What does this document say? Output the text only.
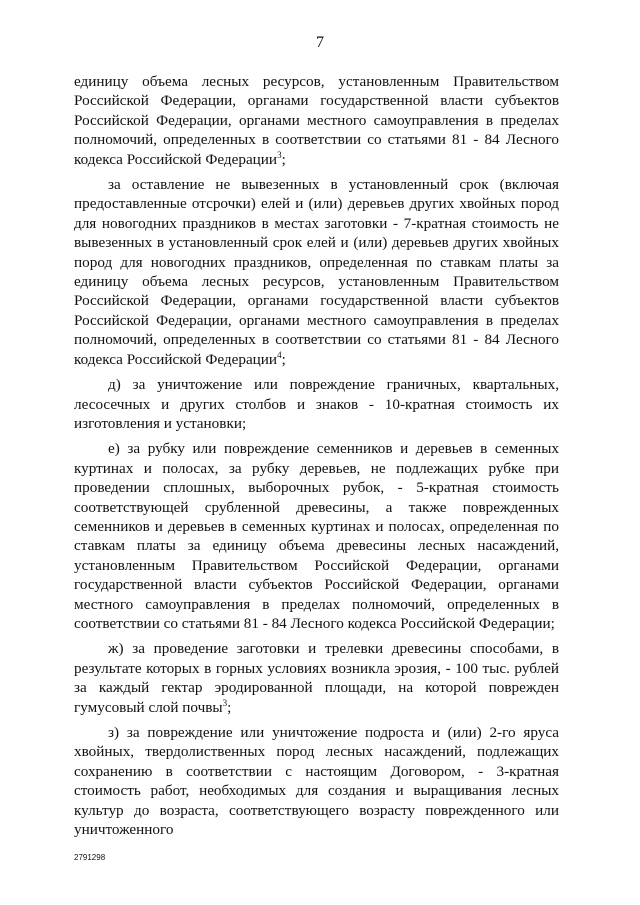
7

единицу объема лесных ресурсов, установленным Правительством Российской Федерации, органами государственной власти субъектов Российской Федерации, органами местного самоуправления в пределах полномочий, определенных в соответствии со статьями 81 - 84 Лесного кодекса Российской Федерации$^3$;

за оставление не вывезенных в установленный срок (включая предоставленные отсрочки) елей и (или) деревьев других хвойных пород для новогодних праздников в местах заготовки - 7-кратная стоимость не вывезенных в установленный срок елей и (или) деревьев других хвойных пород для новогодних праздников, определенная по ставкам платы за единицу объема лесных ресурсов, установленным Правительством Российской Федерации, органами государственной власти субъектов Российской Федерации, органами местного самоуправления в пределах полномочий, определенных в соответствии со статьями 81 - 84 Лесного кодекса Российской Федерации$^4$;

д) за уничтожение или повреждение граничных, квартальных, лесосечных и других столбов и знаков - 10-кратная стоимость их изготовления и установки;

е) за рубку или повреждение семенников и деревьев в семенных куртинах и полосах, за рубку деревьев, не подлежащих рубке при проведении сплошных, выборочных рубок, - 5-кратная стоимость соответствующей срубленной древесины, а также поврежденных семенников и деревьев в семенных куртинах и полосах, определенная по ставкам платы за единицу объема древесины лесных насаждений, установленным Правительством Российской Федерации, органами государственной власти субъектов Российской Федерации, органами местного самоуправления в пределах полномочий, определенных в соответствии со статьями 81 - 84 Лесного кодекса Российской Федерации;

ж) за проведение заготовки и трелевки древесины способами, в результате которых в горных условиях возникла эрозия, - 100 тыс. рублей за каждый гектар эродированной площади, на которой поврежден гумусовый слой почвы$^3$;

з) за повреждение или уничтожение подроста и (или) 2-го яруса хвойных, твердолиственных пород лесных насаждений, подлежащих сохранению в соответствии с настоящим Договором, - 3-кратная стоимость работ, необходимых для создания и выращивания лесных культур до возраста, соответствующего возрасту поврежденного или уничтоженного

2791298
